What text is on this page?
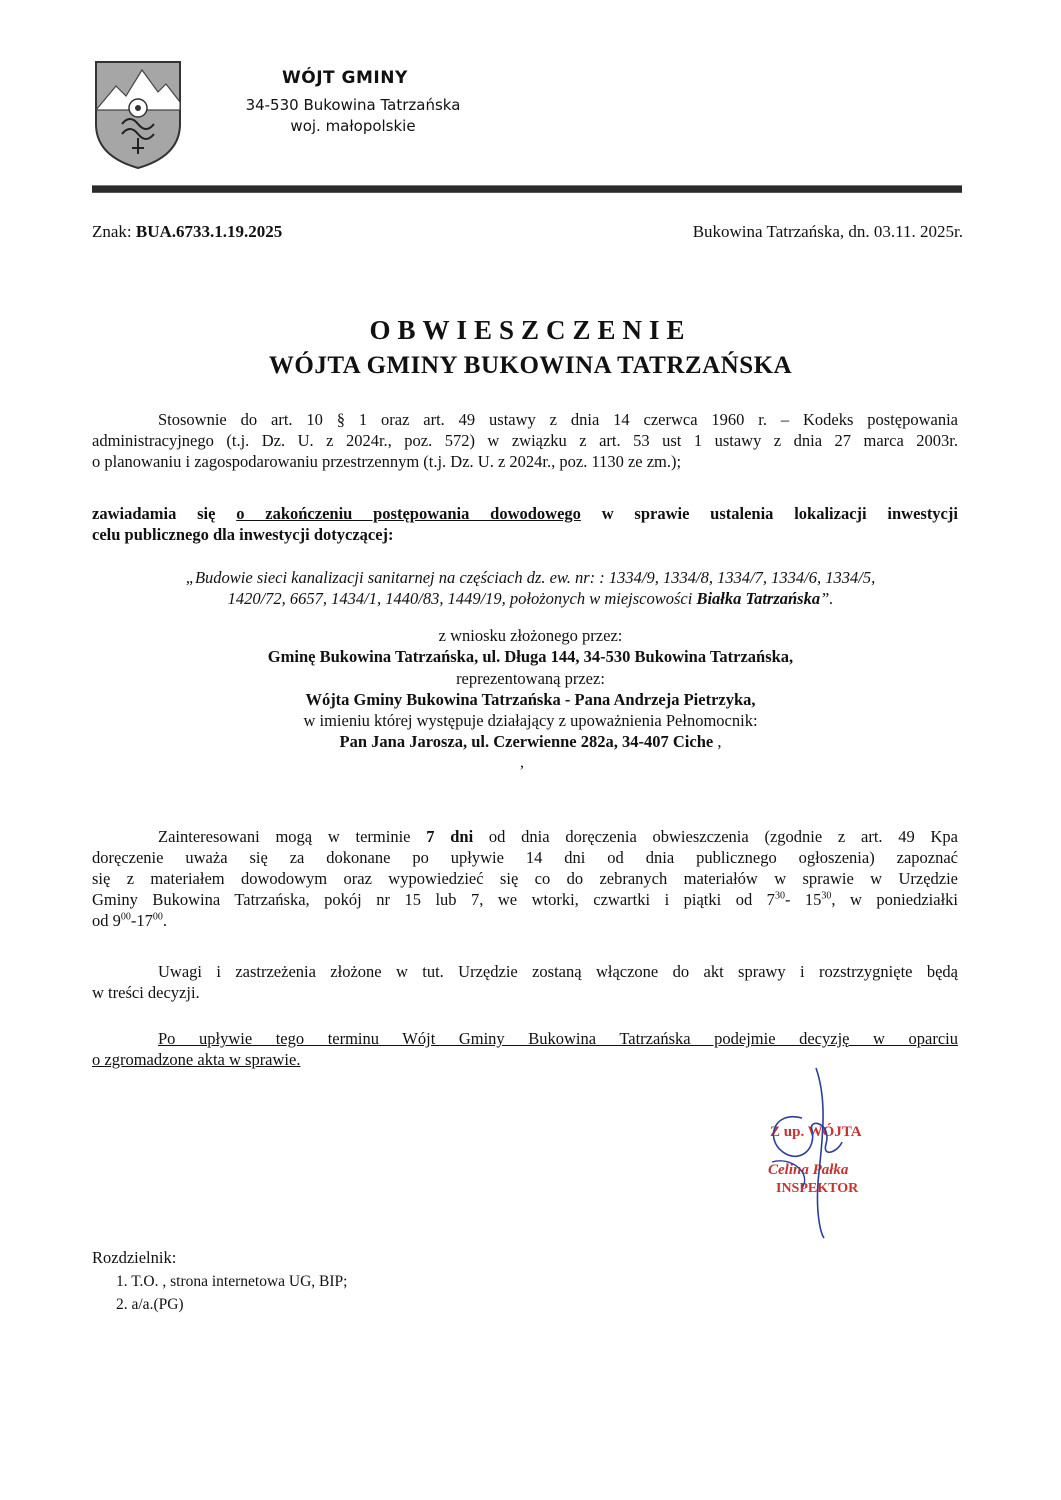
WÓJT GMINY
34-530 Bukowina Tatrzańska
woj. małopolskie
Znak: BUA.6733.1.19.2025	Bukowina Tatrzańska, dn. 03.11. 2025r.
OBWIESZCZENIE
WÓJTA GMINY BUKOWINA TATRZAŃSKA
Stosownie do art. 10 § 1 oraz art. 49 ustawy z dnia 14 czerwca 1960 r. – Kodeks postępowania
administracyjnego (t.j. Dz. U. z 2024r., poz. 572) w związku z art. 53 ust 1 ustawy z dnia 27 marca 2003r.
o planowaniu i zagospodarowaniu przestrzennym (t.j. Dz. U. z 2024r., poz. 1130 ze zm.);
zawiadamia się o zakończeniu postępowania dowodowego w sprawie ustalenia lokalizacji inwestycji
celu publicznego dla inwestycji dotyczącej:
„Budowie sieci kanalizacji sanitarnej na częściach dz. ew. nr: : 1334/9, 1334/8, 1334/7, 1334/6, 1334/5,
1420/72, 6657, 1434/1, 1440/83, 1449/19, położonych w miejscowości Białka Tatrzańska”.
z wniosku złożonego przez:
Gminę Bukowina Tatrzańska, ul. Długa 144, 34-530 Bukowina Tatrzańska,
reprezentowaną przez:
Wójta Gminy Bukowina Tatrzańska - Pana Andrzeja Pietrzyka,
w imieniu której występuje działający z upoważnienia Pełnomocnik:
Pan Jana Jarosza, ul. Czerwienne 282a, 34-407 Ciche ,
,
Zainteresowani mogą w terminie 7 dni od dnia doręczenia obwieszczenia (zgodnie z art. 49 Kpa
doręczenie uważa się za dokonane po upływie 14 dni od dnia publicznego ogłoszenia) zapoznać
się z materiałem dowodowym oraz wypowiedzieć się co do zebranych materiałów w sprawie w Urzędzie
Gminy Bukowina Tatrzańska, pokój nr 15 lub 7, we wtorki, czwartki i piątki od $7^{30}-$ $15^{30}$, w poniedziałki
od $9^{00}-17^{00}$.
Uwagi i zastrzeżenia złożone w tut. Urzędzie zostaną włączone do akt sprawy i rozstrzygnięte będą
w treści decyzji.
Po upływie tego terminu Wójt Gminy Bukowina Tatrzańska podejmie decyzję w oparciu
o zgromadzone akta w sprawie.
Z up. WÓJTA
Celina Pałka
INSPEKTOR
Rozdzielnik:
1. T.O. , strona internetowa UG, BIP;
2. a/a.(PG)
